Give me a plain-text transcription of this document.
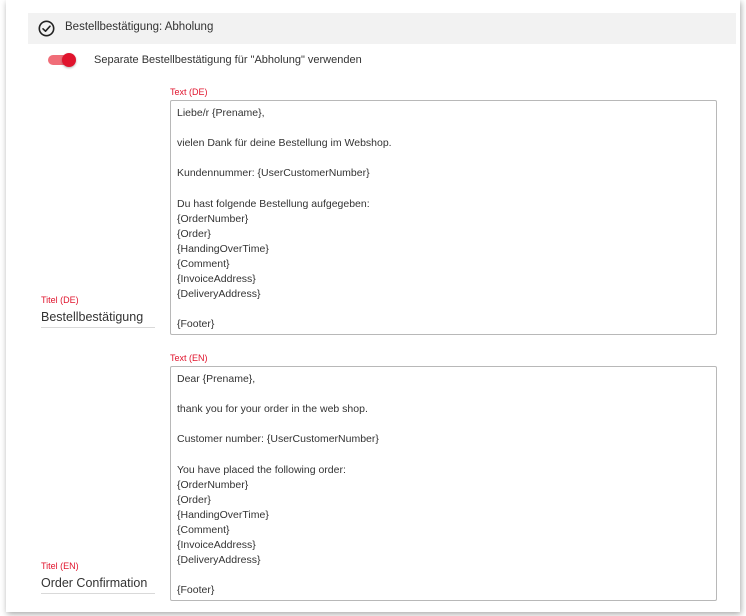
Bestellbestätigung: Abholung
Separate Bestellbestätigung für "Abholung" verwenden
Text (DE)
Liebe/r {Prename},

vielen Dank für deine Bestellung im Webshop.

Kundennummer: {UserCustomerNumber}

Du hast folgende Bestellung aufgegeben:
{OrderNumber}
{Order}
{HandingOverTime}
{Comment}
{InvoiceAddress}
{DeliveryAddress}

{Footer}
Titel (DE)
Bestellbestätigung
Text (EN)
Dear {Prename},

thank you for your order in the web shop.

Customer number: {UserCustomerNumber}

You have placed the following order:
{OrderNumber}
{Order}
{HandingOverTime}
{Comment}
{InvoiceAddress}
{DeliveryAddress}

{Footer}
Titel (EN)
Order Confirmation
